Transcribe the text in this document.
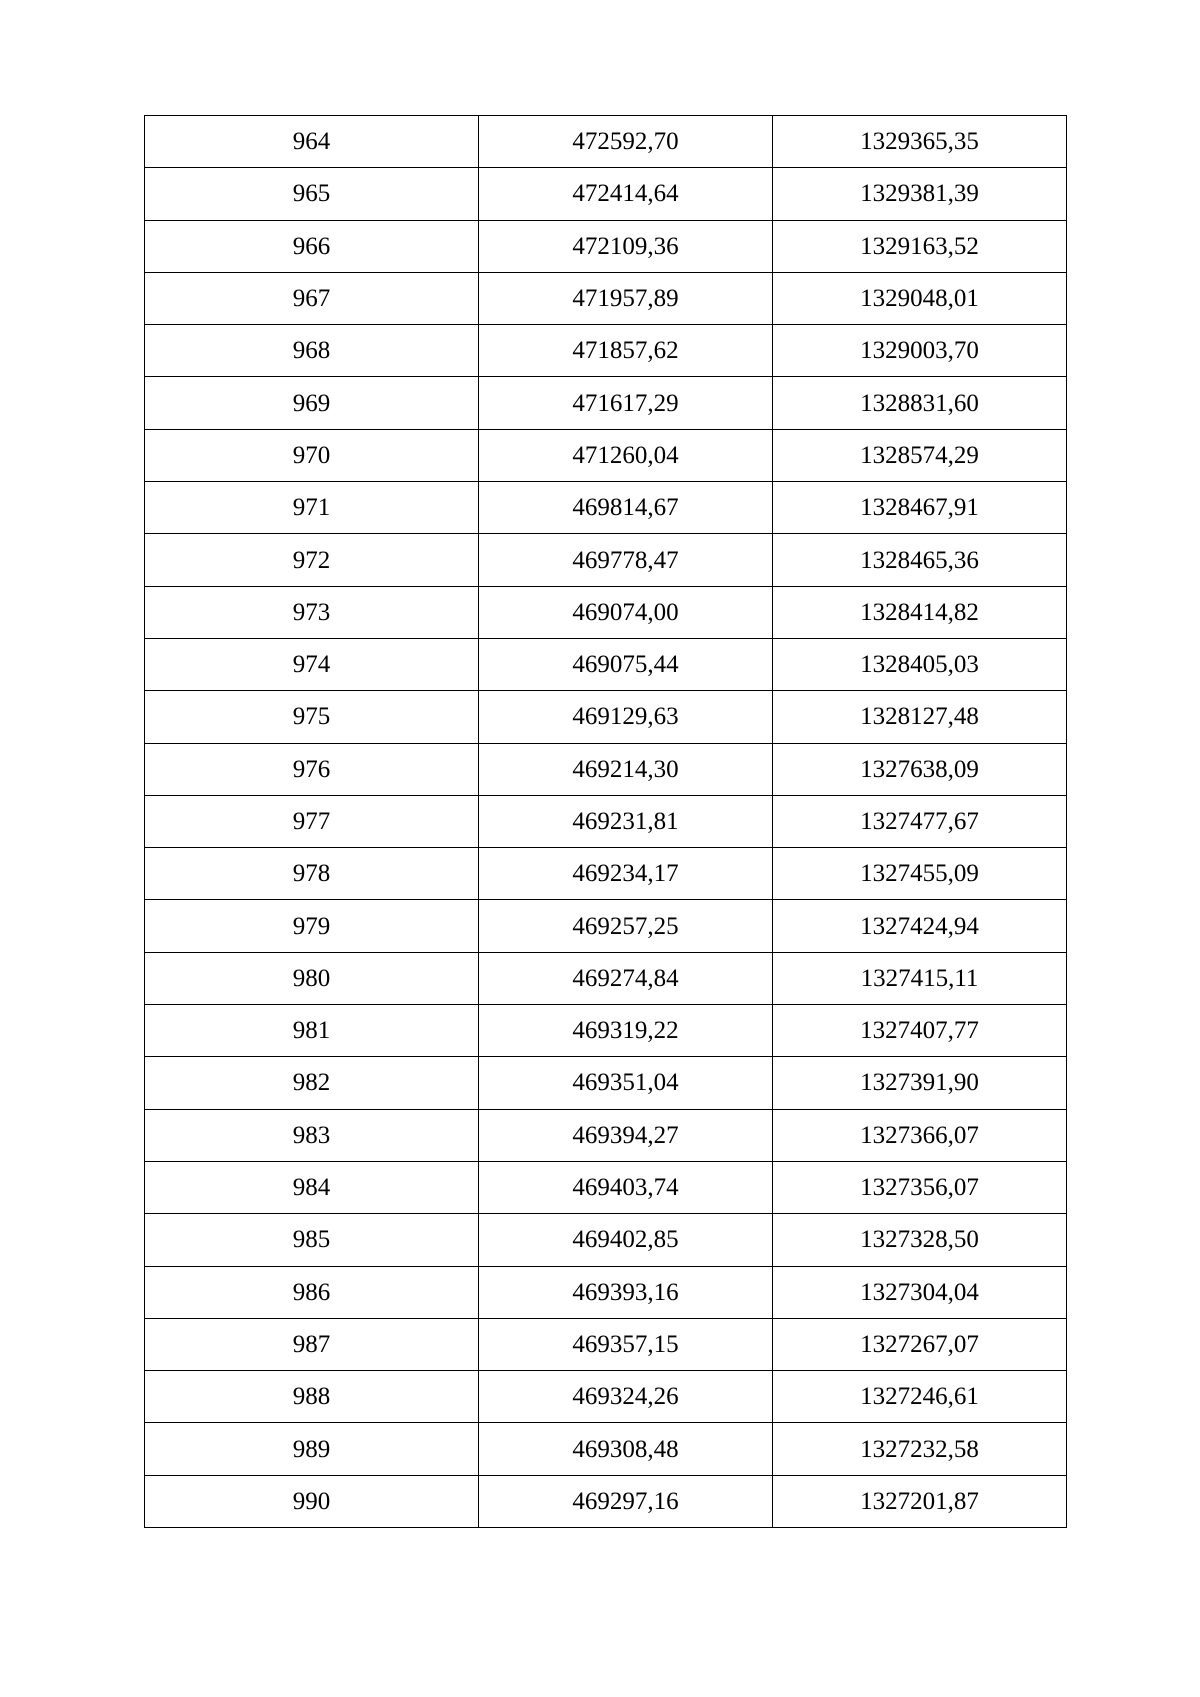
964	472592,70	1329365,35
965	472414,64	1329381,39
966	472109,36	1329163,52
967	471957,89	1329048,01
968	471857,62	1329003,70
969	471617,29	1328831,60
970	471260,04	1328574,29
971	469814,67	1328467,91
972	469778,47	1328465,36
973	469074,00	1328414,82
974	469075,44	1328405,03
975	469129,63	1328127,48
976	469214,30	1327638,09
977	469231,81	1327477,67
978	469234,17	1327455,09
979	469257,25	1327424,94
980	469274,84	1327415,11
981	469319,22	1327407,77
982	469351,04	1327391,90
983	469394,27	1327366,07
984	469403,74	1327356,07
985	469402,85	1327328,50
986	469393,16	1327304,04
987	469357,15	1327267,07
988	469324,26	1327246,61
989	469308,48	1327232,58
990	469297,16	1327201,87
